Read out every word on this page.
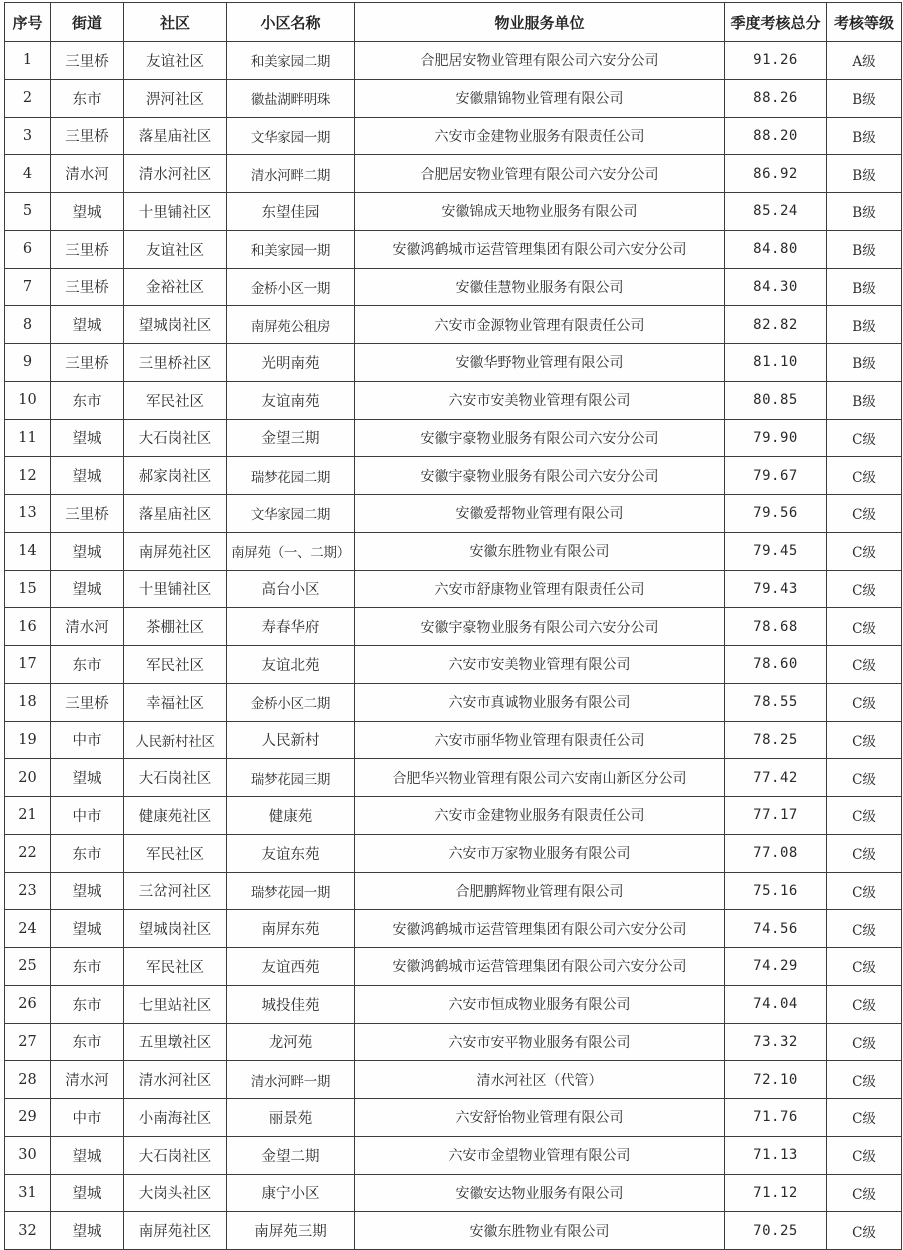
序号	街道	社区	小区名称	物业服务单位	季度考核总分	考核等级
1	三里桥	友谊社区	和美家园二期	合肥居安物业管理有限公司六安分公司	91.26	A级
2	东市	淠河社区	徽盐湖畔明珠	安徽鼎锦物业管理有限公司	88.26	B级
3	三里桥	落星庙社区	文华家园一期	六安市金建物业服务有限责任公司	88.20	B级
4	清水河	清水河社区	清水河畔二期	合肥居安物业管理有限公司六安分公司	86.92	B级
5	望城	十里铺社区	东望佳园	安徽锦成天地物业服务有限公司	85.24	B级
6	三里桥	友谊社区	和美家园一期	安徽鸿鹤城市运营管理集团有限公司六安分公司	84.80	B级
7	三里桥	金裕社区	金桥小区一期	安徽佳慧物业服务有限公司	84.30	B级
8	望城	望城岗社区	南屏苑公租房	六安市金源物业管理有限责任公司	82.82	B级
9	三里桥	三里桥社区	光明南苑	安徽华野物业管理有限公司	81.10	B级
10	东市	军民社区	友谊南苑	六安市安美物业管理有限公司	80.85	B级
11	望城	大石岗社区	金望三期	安徽宇豪物业服务有限公司六安分公司	79.90	C级
12	望城	郝家岗社区	瑞梦花园二期	安徽宇豪物业服务有限公司六安分公司	79.67	C级
13	三里桥	落星庙社区	文华家园二期	安徽爱帮物业管理有限公司	79.56	C级
14	望城	南屏苑社区	南屏苑（一、二期）	安徽东胜物业有限公司	79.45	C级
15	望城	十里铺社区	高台小区	六安市舒康物业管理有限责任公司	79.43	C级
16	清水河	茶棚社区	寿春华府	安徽宇豪物业服务有限公司六安分公司	78.68	C级
17	东市	军民社区	友谊北苑	六安市安美物业管理有限公司	78.60	C级
18	三里桥	幸福社区	金桥小区二期	六安市真诚物业服务有限公司	78.55	C级
19	中市	人民新村社区	人民新村	六安市丽华物业管理有限责任公司	78.25	C级
20	望城	大石岗社区	瑞梦花园三期	合肥华兴物业管理有限公司六安南山新区分公司	77.42	C级
21	中市	健康苑社区	健康苑	六安市金建物业服务有限责任公司	77.17	C级
22	东市	军民社区	友谊东苑	六安市万家物业服务有限公司	77.08	C级
23	望城	三岔河社区	瑞梦花园一期	合肥鹏辉物业管理有限公司	75.16	C级
24	望城	望城岗社区	南屏东苑	安徽鸿鹤城市运营管理集团有限公司六安分公司	74.56	C级
25	东市	军民社区	友谊西苑	安徽鸿鹤城市运营管理集团有限公司六安分公司	74.29	C级
26	东市	七里站社区	城投佳苑	六安市恒成物业服务有限公司	74.04	C级
27	东市	五里墩社区	龙河苑	六安市安平物业服务有限公司	73.32	C级
28	清水河	清水河社区	清水河畔一期	清水河社区（代管）	72.10	C级
29	中市	小南海社区	丽景苑	六安舒怡物业管理有限公司	71.76	C级
30	望城	大石岗社区	金望二期	六安市金望物业管理有限公司	71.13	C级
31	望城	大岗头社区	康宁小区	安徽安达物业服务有限公司	71.12	C级
32	望城	南屏苑社区	南屏苑三期	安徽东胜物业有限公司	70.25	C级
